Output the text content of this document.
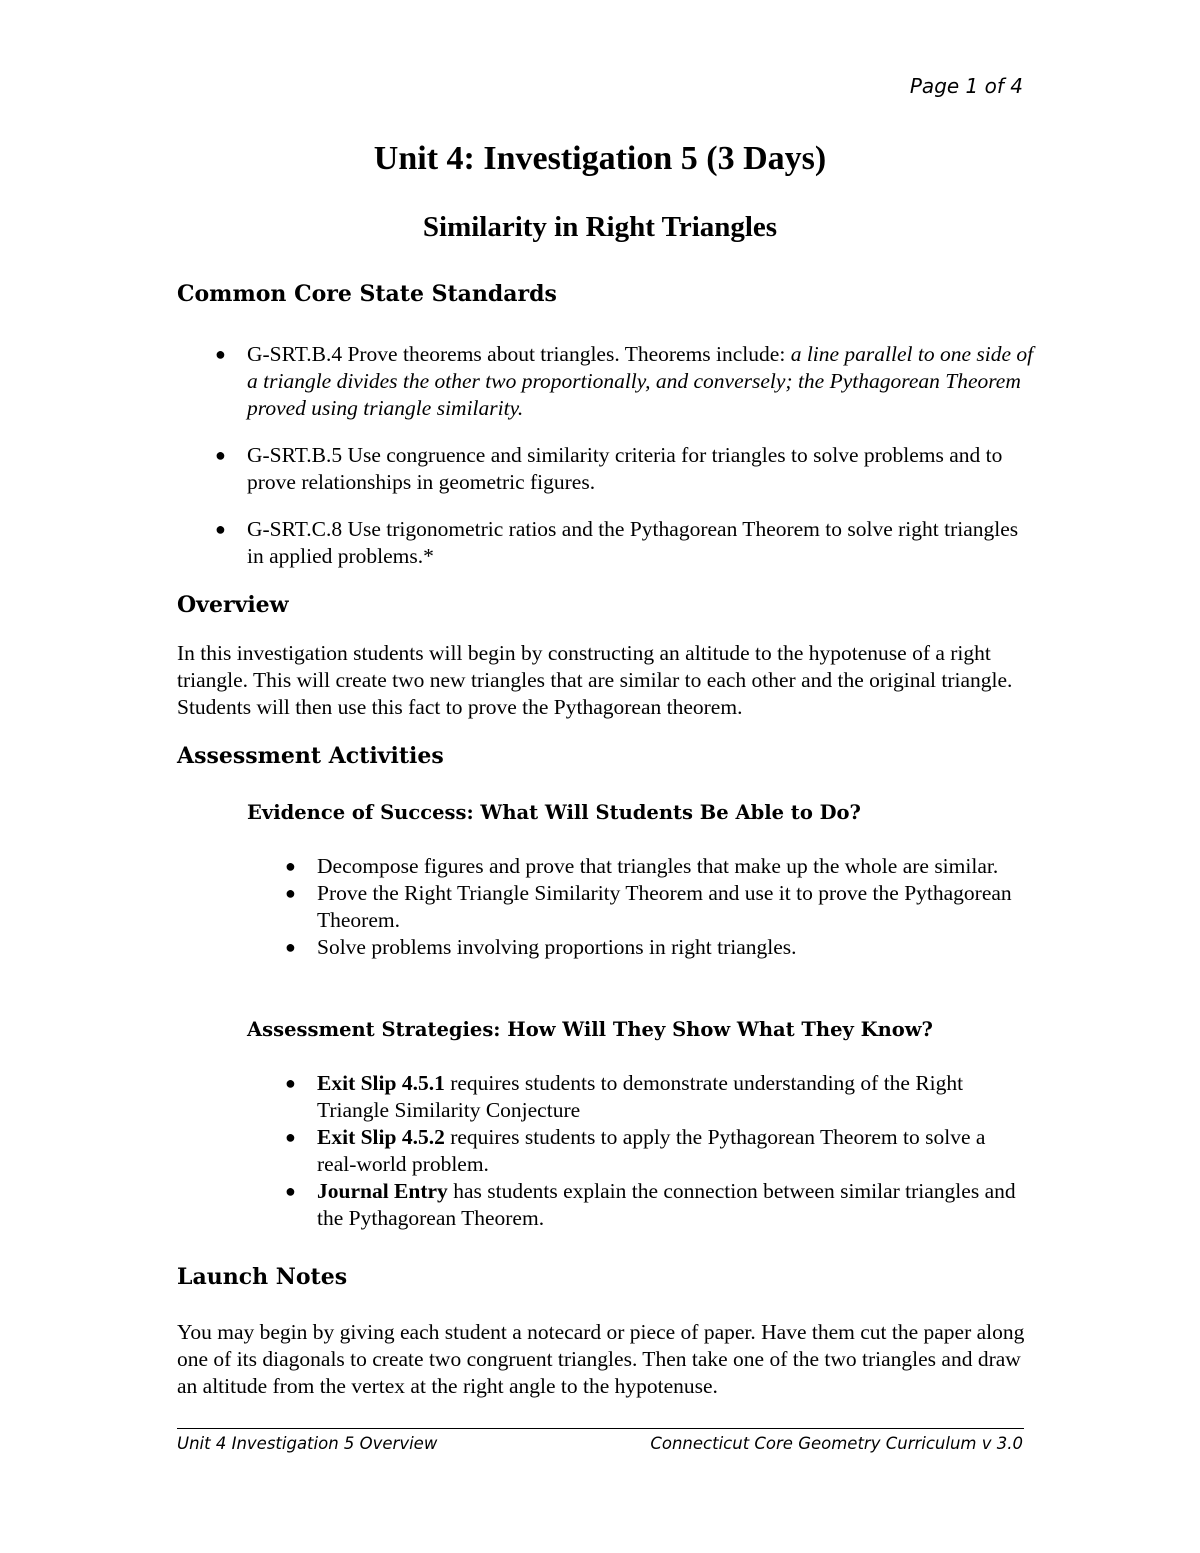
Page 1 of 4
Unit 4: Investigation 5 (3 Days)
Similarity in Right Triangles
Common Core State Standards
● G-SRT.B.4 Prove theorems about triangles. Theorems include: a line parallel to one side of a triangle divides the other two proportionally, and conversely; the Pythagorean Theorem proved using triangle similarity.
● G-SRT.B.5 Use congruence and similarity criteria for triangles to solve problems and to prove relationships in geometric figures.
● G-SRT.C.8 Use trigonometric ratios and the Pythagorean Theorem to solve right triangles in applied problems.*
Overview
In this investigation students will begin by constructing an altitude to the hypotenuse of a right triangle. This will create two new triangles that are similar to each other and the original triangle. Students will then use this fact to prove the Pythagorean theorem.
Assessment Activities
Evidence of Success: What Will Students Be Able to Do?
● Decompose figures and prove that triangles that make up the whole are similar.
● Prove the Right Triangle Similarity Theorem and use it to prove the Pythagorean Theorem.
● Solve problems involving proportions in right triangles.
Assessment Strategies: How Will They Show What They Know?
● Exit Slip 4.5.1 requires students to demonstrate understanding of the Right Triangle Similarity Conjecture
● Exit Slip 4.5.2 requires students to apply the Pythagorean Theorem to solve a real-world problem.
● Journal Entry has students explain the connection between similar triangles and the Pythagorean Theorem.
Launch Notes
You may begin by giving each student a notecard or piece of paper. Have them cut the paper along one of its diagonals to create two congruent triangles. Then take one of the two triangles and draw an altitude from the vertex at the right angle to the hypotenuse.
Unit 4 Investigation 5 Overview	Connecticut Core Geometry Curriculum v 3.0
